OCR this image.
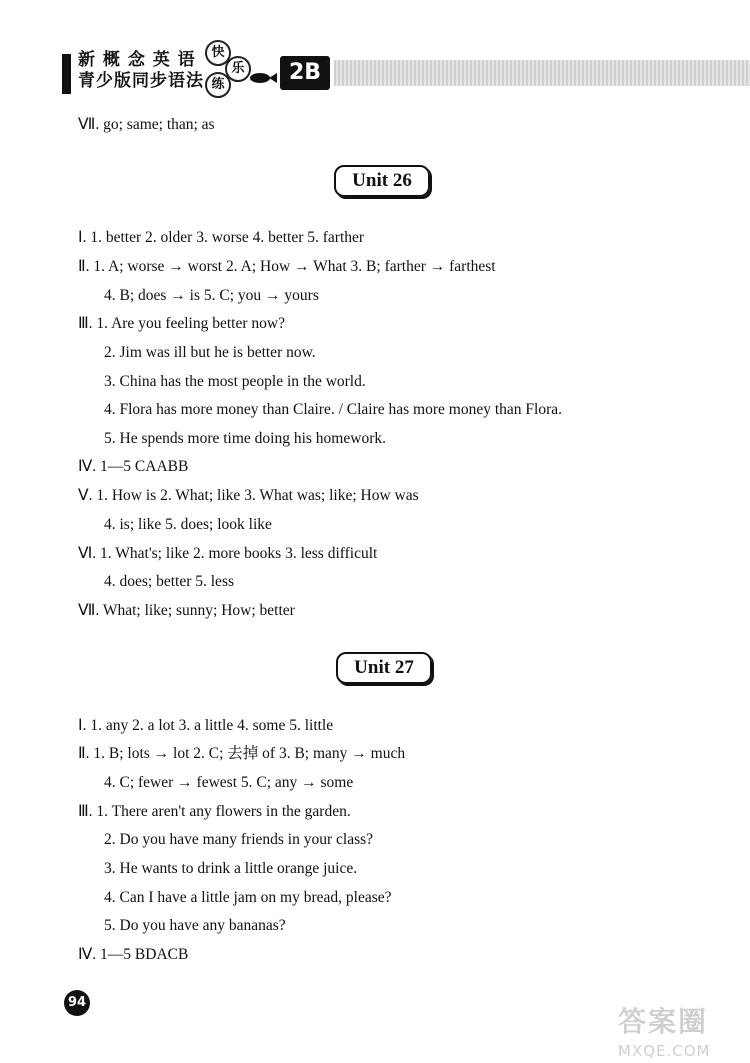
新 概 念 英 语
青少版同步语法
快
乐
练	2B
Ⅶ. go; same; than; as
Unit 26
Ⅰ. 1. better 2. older 3. worse 4. better 5. farther
Ⅱ. 1. A; worse → worst 2. A; How → What 3. B; farther → farthest
4. B; does → is 5. C; you → yours
Ⅲ. 1. Are you feeling better now?
2. Jim was ill but he is better now.
3. China has the most people in the world.
4. Flora has more money than Claire. / Claire has more money than Flora.
5. He spends more time doing his homework.
Ⅳ. 1—5 CAABB
Ⅴ. 1. How is 2. What; like 3. What was; like; How was
4. is; like 5. does; look like
Ⅵ. 1. What's; like 2. more books 3. less difficult
4. does; better 5. less
Ⅶ. What; like; sunny; How; better
Unit 27
Ⅰ. 1. any 2. a lot 3. a little 4. some 5. little
Ⅱ. 1. B; lots → lot 2. C; 去掉 of 3. B; many → much
4. C; fewer → fewest 5. C; any → some
Ⅲ. 1. There aren't any flowers in the garden.
2. Do you have many friends in your class?
3. He wants to drink a little orange juice.
4. Can I have a little jam on my bread, please?
5. Do you have any bananas?
Ⅳ. 1—5 BDACB
94
答案圈
MXQE.COM
